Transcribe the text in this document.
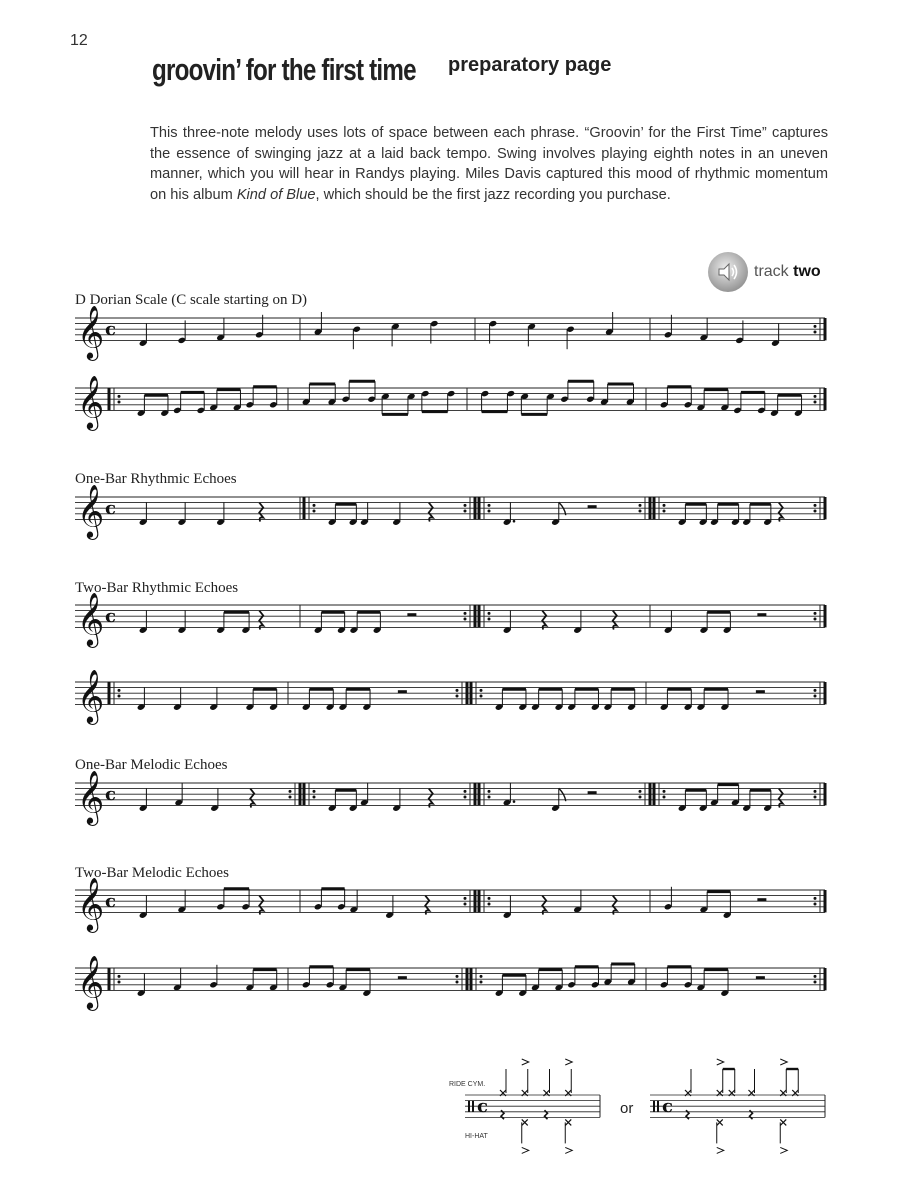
12
groovin’ for the first time preparatory page
This three-note melody uses lots of space between each phrase. “Groovin’ for the First Time” captures the essence of swinging jazz at a laid back tempo. Swing involves playing eighth notes in an uneven manner, which you will hear in Randys playing. Miles Davis captured this mood of rhythmic momentum on his album Kind of Blue, which should be the first jazz recording you purchase.
track two
D Dorian Scale (C scale starting on D)
One-Bar Rhythmic Echoes
Two-Bar Rhythmic Echoes
One-Bar Melodic Echoes
Two-Bar Melodic Echoes
𝄞 c
𝄞
𝄞 c
𝄞 c
𝄞
𝄞 c
𝄞 c
𝄞
c	c
RIDE CYM.
HI-HAT
or
